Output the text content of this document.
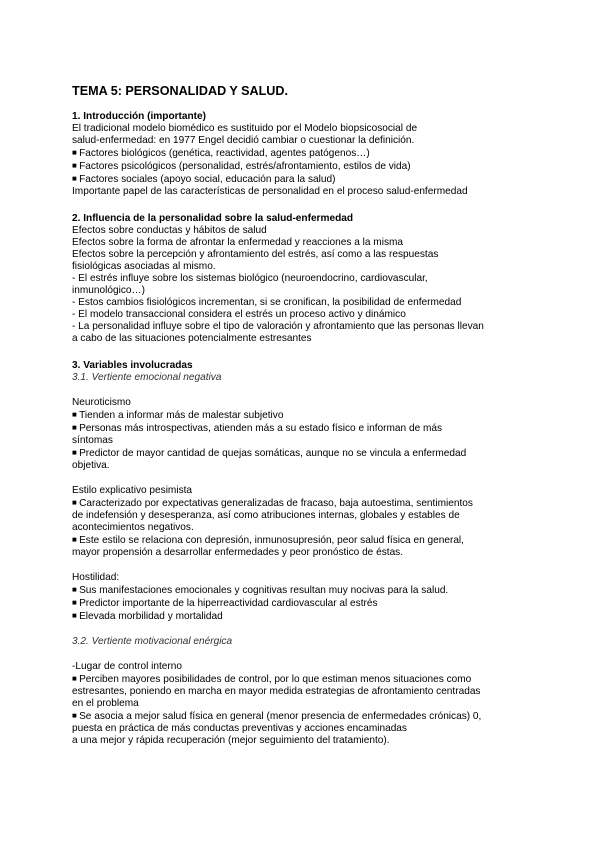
TEMA 5: PERSONALIDAD Y SALUD.

1. Introducción (importante)

El tradicional modelo biomédico es sustituido por el Modelo biopsicosocial de

salud-enfermedad: en 1977 Engel decidió cambiar o cuestionar la definición.

■ Factores biológicos (genética, reactividad, agentes patógenos…)

■ Factores psicológicos (personalidad, estrés/afrontamiento, estilos de vida)

■ Factores sociales (apoyo social, educación para la salud)

Importante papel de las características de personalidad en el proceso salud-enfermedad

2. Influencia de la personalidad sobre la salud-enfermedad

Efectos sobre conductas y hábitos de salud

Efectos sobre la forma de afrontar la enfermedad y reacciones a la misma

Efectos sobre la percepción y afrontamiento del estrés, así como a las respuestas

fisiológicas asociadas al mismo.

- El estrés influye sobre los sistemas biológico (neuroendocrino, cardiovascular,

inmunológico…)

- Estos cambios fisiológicos incrementan, si se cronifican, la posibilidad de enfermedad

- El modelo transaccional considera el estrés un proceso activo y dinámico

- La personalidad influye sobre el tipo de valoración y afrontamiento que las personas llevan

a cabo de las situaciones potencialmente estresantes

3. Variables involucradas

3.1. Vertiente emocional negativa

Neuroticismo

■ Tienden a informar más de malestar subjetivo

■ Personas más introspectivas, atienden más a su estado físico e informan de más

síntomas

■ Predictor de mayor cantidad de quejas somáticas, aunque no se vincula a enfermedad

objetiva.

Estilo explicativo pesimista

■ Caracterizado por expectativas generalizadas de fracaso, baja autoestima, sentimientos

de indefensión y desesperanza, así como atribuciones internas, globales y estables de

acontecimientos negativos.

■ Este estilo se relaciona con depresión, inmunosupresión, peor salud física en general,

mayor propensión a desarrollar enfermedades y peor pronóstico de éstas.

Hostilidad:

■ Sus manifestaciones emocionales y cognitivas resultan muy nocivas para la salud.

■ Predictor importante de la hiperreactividad cardiovascular al estrés

■ Elevada morbilidad y mortalidad

3.2. Vertiente motivacional enérgica

-Lugar de control interno

■ Perciben mayores posibilidades de control, por lo que estiman menos situaciones como

estresantes, poniendo en marcha en mayor medida estrategias de afrontamiento centradas

en el problema

■ Se asocia a mejor salud física en general (menor presencia de enfermedades crónicas) 0,

puesta en práctica de más conductas preventivas y acciones encaminadas

a una mejor y rápida recuperación (mejor seguimiento del tratamiento).
